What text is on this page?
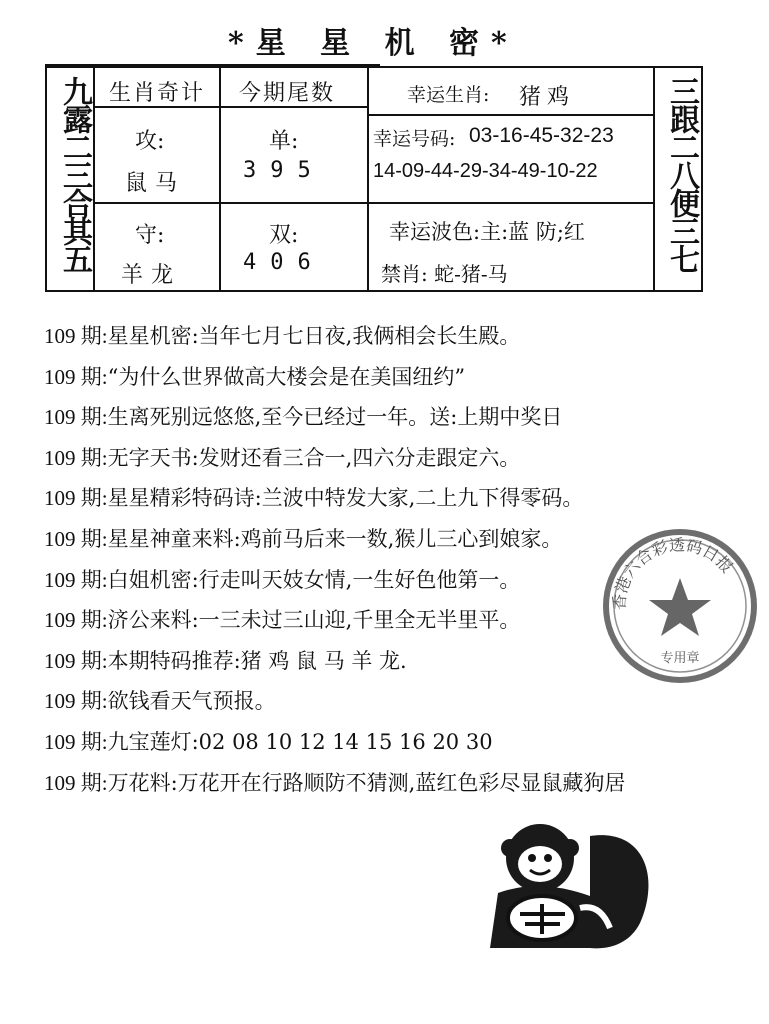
*星 星 机 密*
九露二三合其五	三跟二八便三七
生肖奇计 今期尾数
攻:
鼠马
单:
395
守:
羊龙
双:
406
幸运生肖: 猪鸡
幸运号码: 03-16-45-32-23
14-09-44-29-34-49-10-22
幸运波色:主:蓝 防;红
禁肖: 蛇-猪-马
109 期:星星机密:当年七月七日夜,我俩相会长生殿。
109 期:“为什么世界做高大楼会是在美国纽约”
109 期:生离死别远悠悠,至今已经过一年。送:上期中奖日
109 期:无字天书:发财还看三合一,四六分走跟定六。
109 期:星星精彩特码诗:兰波中特发大家,二上九下得零码。
109 期:星星神童来料:鸡前马后来一数,猴儿三心到娘家。
109 期:白姐机密:行走叫天妓女情,一生好色他第一。
109 期:济公来料:一三未过三山迎,千里全无半里平。
109 期:本期特码推荐:猪 鸡 鼠 马 羊 龙.
109 期:欲钱看天气预报。
109 期:九宝莲灯:02 08 10 12 14 15 16 20 30
109 期:万花料:万花开在行路顺防不猜测,蓝红色彩尽显鼠藏狗居
香港六合彩透码日报
专用章
